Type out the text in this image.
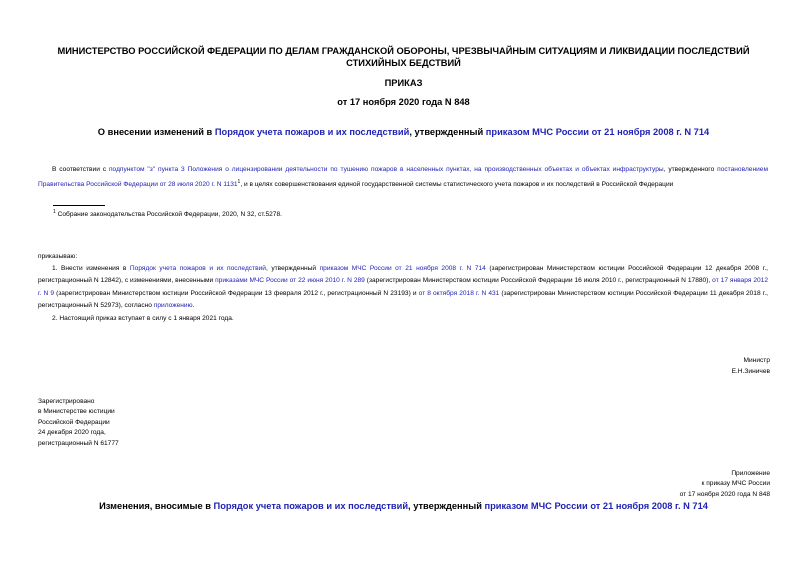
МИНИСТЕРСТВО РОССИЙСКОЙ ФЕДЕРАЦИИ ПО ДЕЛАМ ГРАЖДАНСКОЙ ОБОРОНЫ, ЧРЕЗВЫЧАЙНЫМ СИТУАЦИЯМ И ЛИКВИДАЦИИ ПОСЛЕДСТВИЙ СТИХИЙНЫХ БЕДСТВИЙ
ПРИКАЗ
от 17 ноября 2020 года N 848
О внесении изменений в Порядок учета пожаров и их последствий, утвержденный приказом МЧС России от 21 ноября 2008 г. N 714
В соответствии с подпунктом "з" пункта 3 Положения о лицензировании деятельности по тушению пожаров в населенных пунктах, на производственных объектах и объектах инфраструктуры, утвержденного постановлением Правительства Российской Федерации от 28 июля 2020 г. N 1131$^1$, и в целях совершенствования единой государственной системы статистического учета пожаров и их последствий в Российской Федерации
$^1$ Собрание законодательства Российской Федерации, 2020, N 32, ст.5278.
приказываю:
1. Внести изменения в Порядок учета пожаров и их последствий, утвержденный приказом МЧС России от 21 ноября 2008 г. N 714 (зарегистрирован Министерством юстиции Российской Федерации 12 декабря 2008 г., регистрационный N 12842), с изменениями, внесенными приказами МЧС России от 22 июня 2010 г. N 289 (зарегистрирован Министерством юстиции Российской Федерации 16 июля 2010 г., регистрационный N 17880), от 17 января 2012 г. N 9 (зарегистрирован Министерством юстиции Российской Федерации 13 февраля 2012 г., регистрационный N 23193) и от 8 октября 2018 г. N 431 (зарегистрирован Министерством юстиции Российской Федерации 11 декабря 2018 г., регистрационный N 52973), согласно приложению.
2. Настоящий приказ вступает в силу с 1 января 2021 года.
Министр
Е.Н.Зиничев
Зарегистрировано
в Министерстве юстиции
Российской Федерации
24 декабря 2020 года,
регистрационный N 61777
Приложение
к приказу МЧС России
от 17 ноября 2020 года N 848
Изменения, вносимые в Порядок учета пожаров и их последствий, утвержденный приказом МЧС России от 21 ноября 2008 г. N 714
